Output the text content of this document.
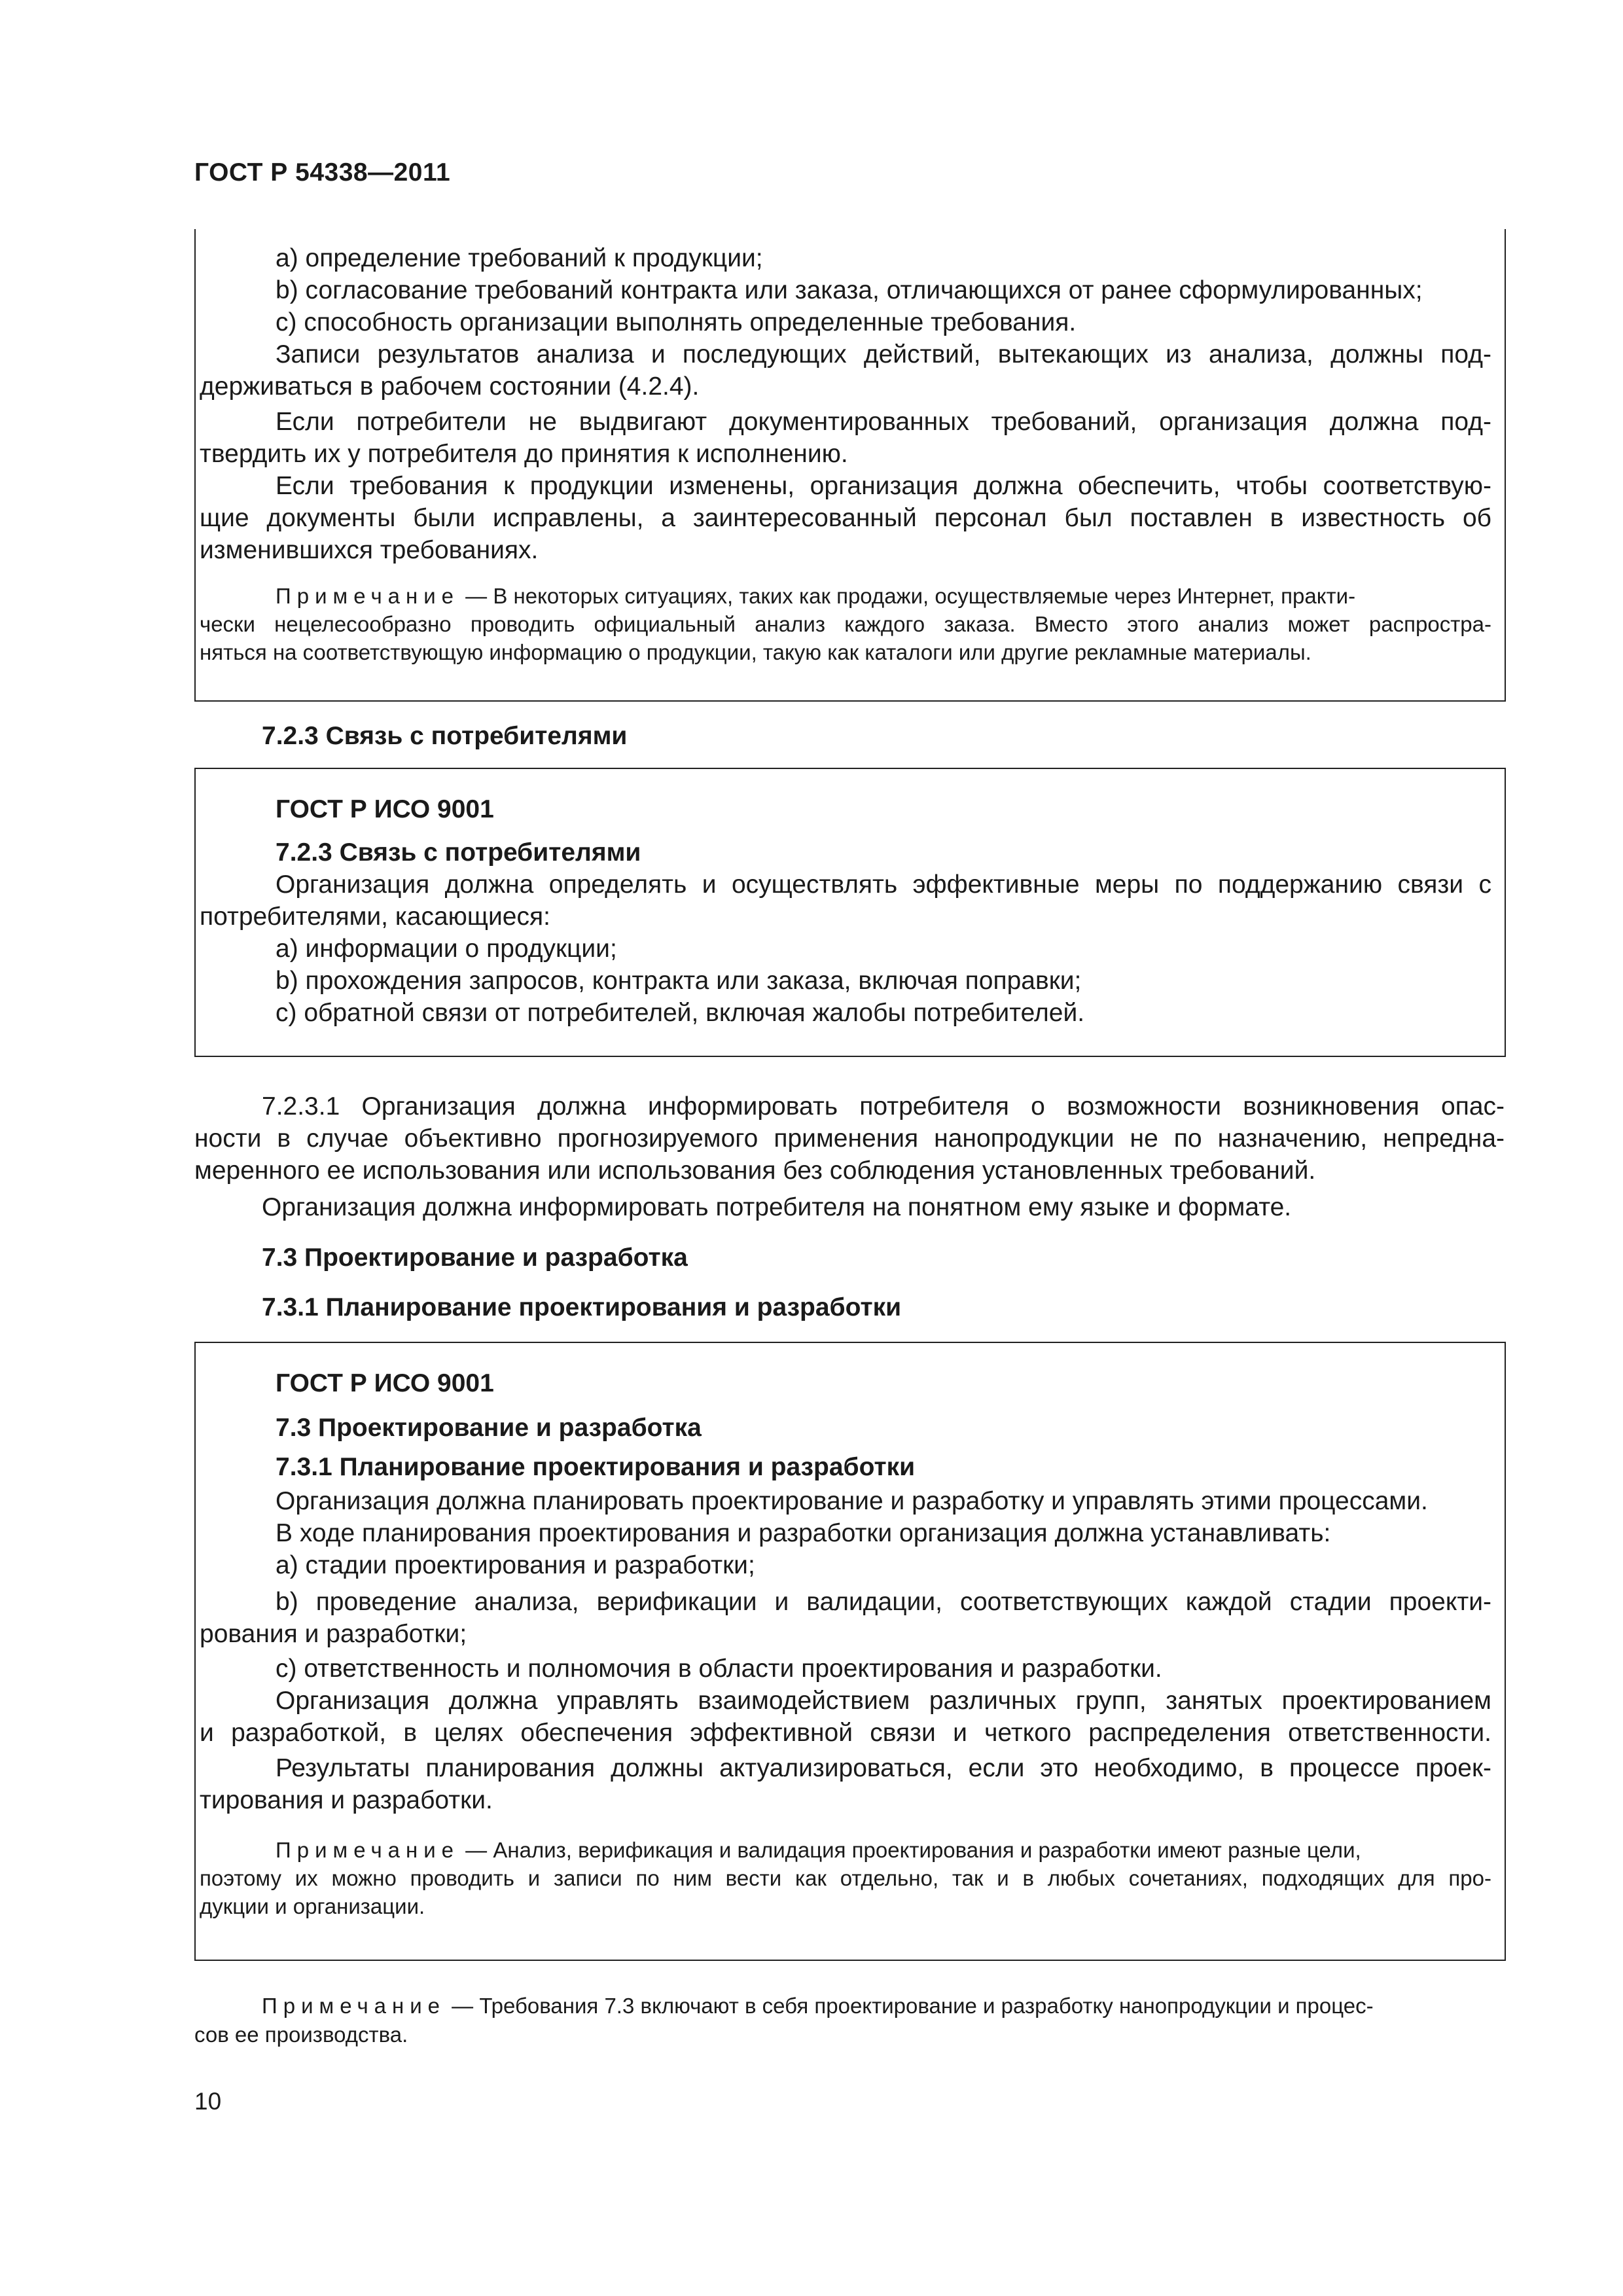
ГОСТ Р 54338—2011
a) определение требований к продукции;
b) согласование требований контракта или заказа, отличающихся от ранее сформулированных;
c) способность организации выполнять определенные требования.
Записи результатов анализа и последующих действий, вытекающих из анализа, должны под-
держиваться в рабочем состоянии (4.2.4).
Если потребители не выдвигают документированных требований, организация должна под-
твердить их у потребителя до принятия к исполнению.
Если требования к продукции изменены, организация должна обеспечить, чтобы соответствую-
щие документы были исправлены, а заинтересованный персонал был поставлен в известность об
изменившихся требованиях.
Примечание — В некоторых ситуациях, таких как продажи, осуществляемые через Интернет, практи-
чески нецелесообразно проводить официальный анализ каждого заказа. Вместо этого анализ может распростра-
няться на соответствующую информацию о продукции, такую как каталоги или другие рекламные материалы.
7.2.3 Связь с потребителями
ГОСТ Р ИСО 9001
7.2.3 Связь с потребителями
Организация должна определять и осуществлять эффективные меры по поддержанию связи с
потребителями, касающиеся:
a) информации о продукции;
b) прохождения запросов, контракта или заказа, включая поправки;
c) обратной связи от потребителей, включая жалобы потребителей.
7.2.3.1 Организация должна информировать потребителя о возможности возникновения опас-
ности в случае объективно прогнозируемого применения нанопродукции не по назначению, непредна-
меренного ее использования или использования без соблюдения установленных требований.
Организация должна информировать потребителя на понятном ему языке и формате.
7.3 Проектирование и разработка
7.3.1 Планирование проектирования и разработки
ГОСТ Р ИСО 9001
7.3 Проектирование и разработка
7.3.1 Планирование проектирования и разработки
Организация должна планировать проектирование и разработку и управлять этими процессами.
В ходе планирования проектирования и разработки организация должна устанавливать:
a) стадии проектирования и разработки;
b) проведение анализа, верификации и валидации, соответствующих каждой стадии проекти-
рования и разработки;
c) ответственность и полномочия в области проектирования и разработки.
Организация должна управлять взаимодействием различных групп, занятых проектированием
и разработкой, в целях обеспечения эффективной связи и четкого распределения ответственности.
Результаты планирования должны актуализироваться, если это необходимо, в процессе проек-
тирования и разработки.
Примечание — Анализ, верификация и валидация проектирования и разработки имеют разные цели,
поэтому их можно проводить и записи по ним вести как отдельно, так и в любых сочетаниях, подходящих для про-
дукции и организации.
Примечание — Требования 7.3 включают в себя проектирование и разработку нанопродукции и процес-
сов ее производства.
10
